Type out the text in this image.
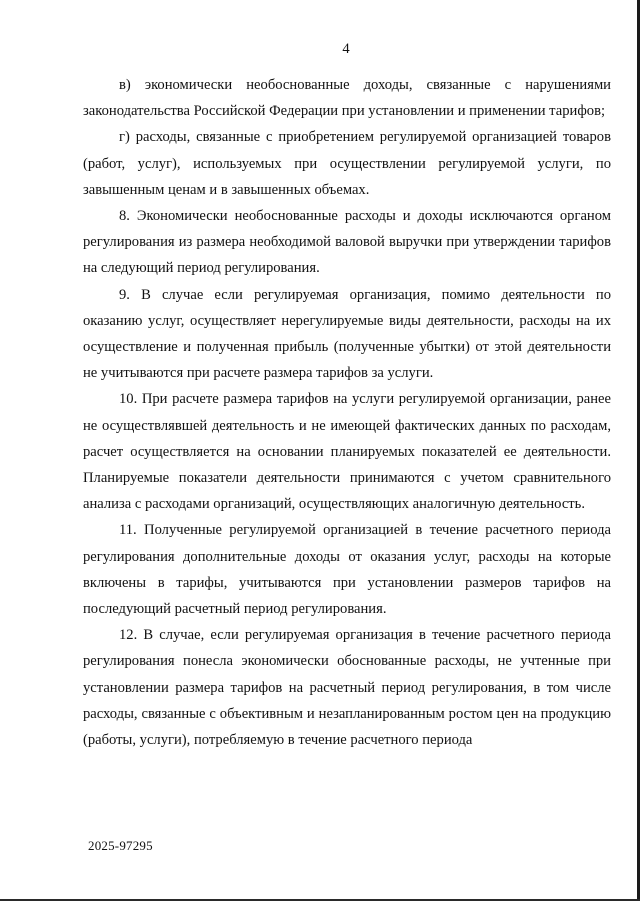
4

в) экономически необоснованные доходы, связанные с нарушениями законодательства Российской Федерации при установлении и применении тарифов;

г) расходы, связанные с приобретением регулируемой организацией товаров (работ, услуг), используемых при осуществлении регулируемой услуги, по завышенным ценам и в завышенных объемах.

8. Экономически необоснованные расходы и доходы исключаются органом регулирования из размера необходимой валовой выручки при утверждении тарифов на следующий период регулирования.

9. В случае если регулируемая организация, помимо деятельности по оказанию услуг, осуществляет нерегулируемые виды деятельности, расходы на их осуществление и полученная прибыль (полученные убытки) от этой деятельности не учитываются при расчете размера тарифов за услуги.

10. При расчете размера тарифов на услуги регулируемой организации, ранее не осуществлявшей деятельность и не имеющей фактических данных по расходам, расчет осуществляется на основании планируемых показателей ее деятельности. Планируемые показатели деятельности принимаются с учетом сравнительного анализа с расходами организаций, осуществляющих аналогичную деятельность.

11. Полученные регулируемой организацией в течение расчетного периода регулирования дополнительные доходы от оказания услуг, расходы на которые включены в тарифы, учитываются при установлении размеров тарифов на последующий расчетный период регулирования.

12. В случае, если регулируемая организация в течение расчетного периода регулирования понесла экономически обоснованные расходы, не учтенные при установлении размера тарифов на расчетный период регулирования, в том числе расходы, связанные с объективным и незапланированным ростом цен на продукцию (работы, услуги), потребляемую в течение расчетного периода

2025-97295
